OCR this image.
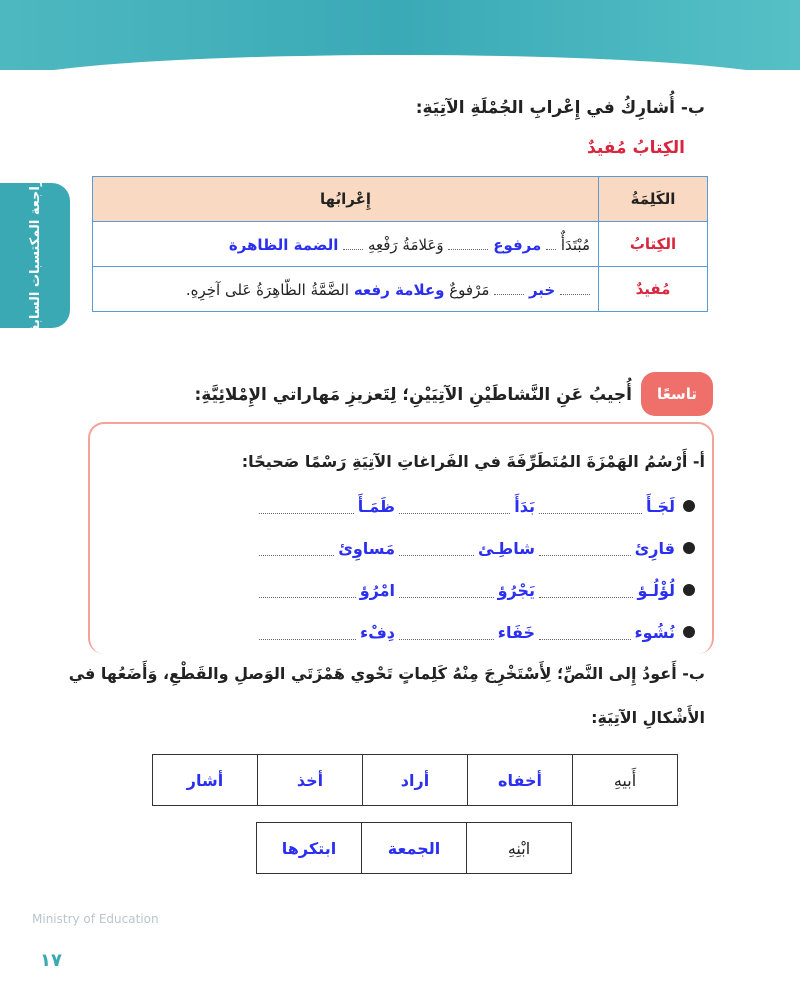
مراجعة المكتسبات السابقة
ب- أُشارِكُ في إِعْرابِ الجُمْلَةِ الآتِيَةِ:
الكِتابُ مُفيدٌ
الكَلِمَةُ	إِعْرابُها
الكِتابُ	مُبْتَدَأٌ  مرفوع  وَعَلامَةُ رَفْعِهِ  الضمة الظاهرة
مُفيدٌ	خبر  مَرْفوعٌ وعلامة رفعه الضَّمَّةُ الظّاهِرَةُ عَلى آخِرِهِ.
تاسعًا
أُجيبُ عَنِ النَّشاطَيْنِ الآتِيَيْنِ؛ لِتَعزيزِ مَهاراتي الإِمْلائِيَّةِ:
أ- أَرْسُمُ الهَمْزَةَ المُتَطَرِّفَةَ في الفَراغاتِ الآتِيَةِ رَسْمًا صَحيحًا:
لَجَـأَ
بَدَأَ
ظَمَـأَ
قارِئ
شاطِـئ
مَساوِئ
لُؤْلُـؤ
يَجْرُؤ
امْرُؤ
نُشُوء
خَفَاء
دِفْء
ب- أَعودُ إِلى النَّصِّ؛ لِأَسْتَخْرِجَ مِنْهُ كَلِماتٍ تَحْوي هَمْزَتَي الوَصلِ والقَطْعِ، وَأَضَعُها في
الأَشْكالِ الآتِيَةِ:
أَبيهِ	أخفاه	أراد	أخذ	أشار
ابْنِهِ	الجمعة	ابتكرها
Ministry of Education
١٧
